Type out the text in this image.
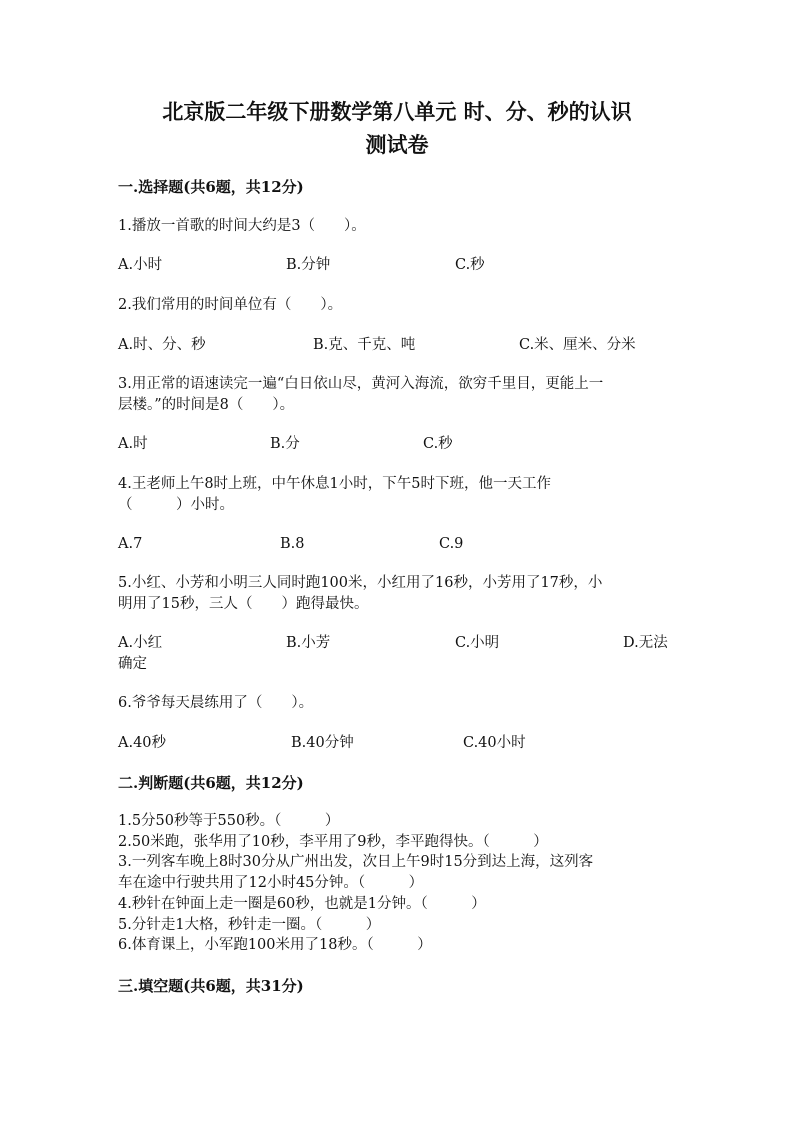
北京版二年级下册数学第八单元 时、分、秒的认识
测试卷
一.选择题(共6题，共12分)
1.播放一首歌的时间大约是3（　　）。
A.小时	B.分钟	C.秒
2.我们常用的时间单位有（　　）。
A.时、分、秒	B.克、千克、吨	C.米、厘米、分米
3.用正常的语速读完一遍“白日依山尽，黄河入海流，欲穷千里目，更能上一
层楼。”的时间是8（　　）。
A.时	B.分	C.秒
4.王老师上午8时上班，中午休息1小时，下午5时下班，他一天工作
（　　　）小时。
A.7	B.8	C.9
5.小红、小芳和小明三人同时跑100米，小红用了16秒，小芳用了17秒，小
明用了15秒，三人（　　）跑得最快。
A.小红	B.小芳	C.小明	D.无法
确定
6.爷爷每天晨练用了（　　）。
A.40秒	B.40分钟	C.40小时
二.判断题(共6题，共12分)
1.5分50秒等于550秒。（　　　）
2.50米跑，张华用了10秒，李平用了9秒，李平跑得快。（　　　）
3.一列客车晚上8时30分从广州出发，次日上午9时15分到达上海，这列客
车在途中行驶共用了12小时45分钟。（　　　）
4.秒针在钟面上走一圈是60秒，也就是1分钟。（　　　）
5.分针走1大格，秒针走一圈。（　　　）
6.体育课上，小军跑100米用了18秒。（　　　）
三.填空题(共6题，共31分)
